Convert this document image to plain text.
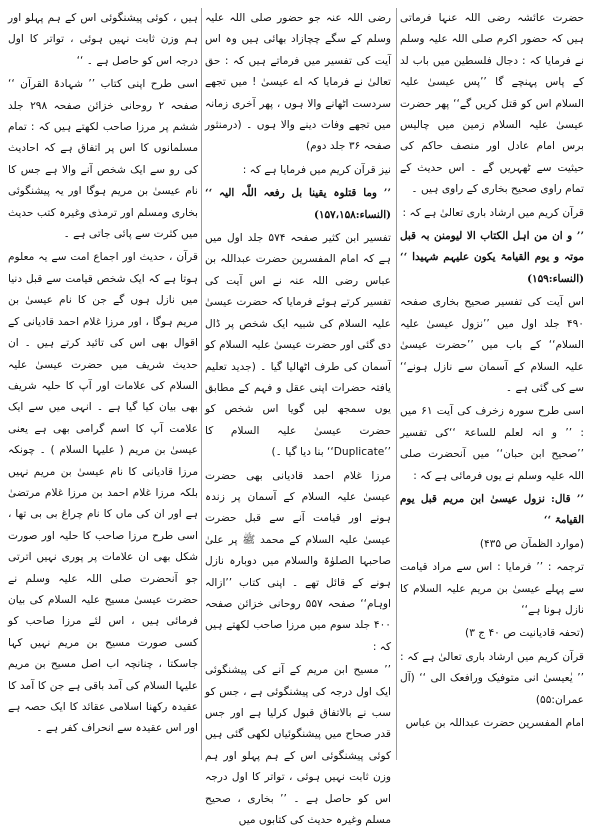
حضرت عائشہ رضی اللہ عنہا فرماتی ہیں کہ حضور اکرم صلی اللہ علیہ وسلم نے فرمایا کہ : دجال فلسطین میں باب لد کے پاس پہنچے گا ’’پس عیسیٰ علیہ السلام اس کو قتل کریں گے‘‘ پھر حضرت عیسیٰ علیہ السلام زمین میں چالیس برس امام عادل اور منصف حاکم کی حیثیت سے ٹھہریں گے ۔ اس حدیث کے تمام راوی صحیح بخاری کے راوی ہیں ۔

قرآن کریم میں ارشاد باری تعالیٰ ہے کہ :

’’ و ان من اہل الکتاب الا لیومنن بہ قبل موتہ و یوم القیامۃ یکون علیہم شہیدا ‘‘ (النساء:۱۵۹)

اس آیت کی تفسیر صحیح بخاری صفحہ ۴۹۰ جلد اول میں ’’نزول عیسیٰ علیہ السلام‘‘ کے باب میں ’’حضرت عیسیٰ علیہ السلام کے آسمان سے نازل ہونے‘‘ سے کی گئی ہے ۔

اسی طرح سورہ زخرف کی آیت ۶۱ میں : ’’ و انہ لعلم للساعۃ ‘‘کی تفسیر ’’صحیح ابن حبان‘‘ میں آنحضرت صلی اللہ علیہ وسلم نے یوں فرمائی ہے کہ :

’’ قال: نزول عیسیٰ ابن مریم قبل یوم القیامۃ ‘‘

(موارد الظمآن ص ۴۳۵)

ترجمہ : ’’ فرمایا : اس سے مراد قیامت سے پہلے عیسیٰ بن مریم علیہ السلام کا نازل ہونا ہے‘‘

(تحفہ قادیانیت ص ۴۰ ج ۳)

قرآن کریم میں ارشاد باری تعالیٰ ہے کہ : ’’ یٰعیسیٰ انی متوفیک ورافعک الی ‘‘ (آل عمران:۵۵)

امام المفسرین حضرت عبداللہ بن عباس

رضی اللہ عنہ جو حضور صلی اللہ علیہ وسلم کے سگے چچازاد بھائی ہیں وہ اس آیت کی تفسیر میں فرماتے ہیں کہ : حق تعالیٰ نے فرمایا کہ اے عیسیٰ ! میں تجھے سردست اٹھانے والا ہوں ، پھر آخری زمانہ میں تجھے وفات دینے والا ہوں ۔ (درمنثور صفحہ ۳۶ جلد دوم)

نیز قرآن کریم میں فرمایا ہے کہ :

’’ وما قتلوہ یقینا بل رفعہ اللّٰہ الیہ ‘‘ (النساء:۱۵۷،۱۵۸)

تفسیر ابن کثیر صفحہ ۵۷۴ جلد اول میں ہے کہ امام المفسرین حضرت عبداللہ بن عباس رضی اللہ عنہ نے اس آیت کی تفسیر کرتے ہوئے فرمایا کہ حضرت عیسیٰ علیہ السلام کی شبیہ ایک شخص پر ڈال دی گئی اور حضرت عیسیٰ علیہ السلام کو آسمان کی طرف اٹھالیا گیا ۔ (جدید تعلیم یافتہ حضرات اپنی عقل و فہم کے مطابق یوں سمجھ لیں گویا اس شخص کو حضرت عیسیٰ علیہ السلام کا ’’Duplicate‘‘ بنا دیا گیا ۔)

مرزا غلام احمد قادیانی بھی حضرت عیسیٰ علیہ السلام کے آسمان پر زندہ ہونے اور قیامت آنے سے قبل حضرت عیسیٰ علیہ السلام کے محمد ﷺ پر علیٰ صاحبہا الصلوٰۃ والسلام میں دوبارہ نازل ہونے کے قائل تھے ۔ اپنی کتاب ’’ازالہ اوہام‘‘ صفحہ ۵۵۷ روحانی خزائن صفحہ ۴۰۰ جلد سوم میں مرزا صاحب لکھتے ہیں کہ :

’’ مسیح ابن مریم کے آنے کی پیشنگوئی ایک اول درجہ کی پیشنگوئی ہے ، جس کو سب نے بالاتفاق قبول کرلیا ہے اور جس قدر صحاح میں پیشنگوئیاں لکھی گئی ہیں کوئی پیشنگوئی اس کے ہم پہلو اور ہم وزن ثابت نہیں ہوئی ، تواتر کا اول درجہ اس کو حاصل ہے ۔ ’’ بخاری ، صحیح مسلم وغیرہ حدیث کی کتابوں میں

ہیں ، کوئی پیشنگوئی اس کے ہم پہلو اور ہم وزن ثابت نہیں ہوئی ، تواتر کا اول درجہ اس کو حاصل ہے ۔ ‘‘

اسی طرح اپنی کتاب ’’ شہادۃ القرآن ‘‘ صفحہ ۲ روحانی خزائن صفحہ ۲۹۸ جلد ششم پر مرزا صاحب لکھتے ہیں کہ : تمام مسلمانوں کا اس پر اتفاق ہے کہ احادیث کی رو سے ایک شخص آنے والا ہے جس کا نام عیسیٰ بن مریم ہوگا اور یہ پیشنگوئی بخاری ومسلم اور ترمذی وغیرہ کتب حدیث میں کثرت سے پائی جاتی ہے ۔

قرآن ، حدیث اور اجماع امت سے یہ معلوم ہوتا ہے کہ ایک شخص قیامت سے قبل دنیا میں نازل ہوں گے جن کا نام عیسیٰ بن مریم ہوگا ، اور مرزا غلام احمد قادیانی کے اقوال بھی اس کی تائید کرتے ہیں ۔ ان حدیث شریف میں حضرت عیسیٰ علیہ السلام کی علامات اور آپ کا حلیہ شریف بھی بیان کیا گیا ہے ۔ انہی میں سے ایک علامت آپ کا اسم گرامی بھی ہے یعنی عیسیٰ بن مریم ( علیہا السلام ) ۔ چونکہ مرزا قادیانی کا نام عیسیٰ بن مریم نہیں بلکہ مرزا غلام احمد بن مرزا غلام مرتضیٰ ہے اور ان کی ماں کا نام چراغ بی بی تھا ، اسی طرح مرزا صاحب کا حلیہ اور صورت شکل بھی ان علامات پر پوری نہیں اترتی جو آنحضرت صلی اللہ علیہ وسلم نے حضرت عیسیٰ مسیح علیہ السلام کی بیان فرمائی ہیں ، اس لئے مرزا صاحب کو کسی صورت مسیح بن مریم نہیں کہا جاسکتا ، چنانچہ اب اصل مسیح بن مریم علیہا السلام کی آمد باقی ہے جن کا آمد کا عقیدہ رکھنا اسلامی عقائد کا ایک حصہ ہے اور اس عقیدہ سے انحراف کفر ہے ۔
